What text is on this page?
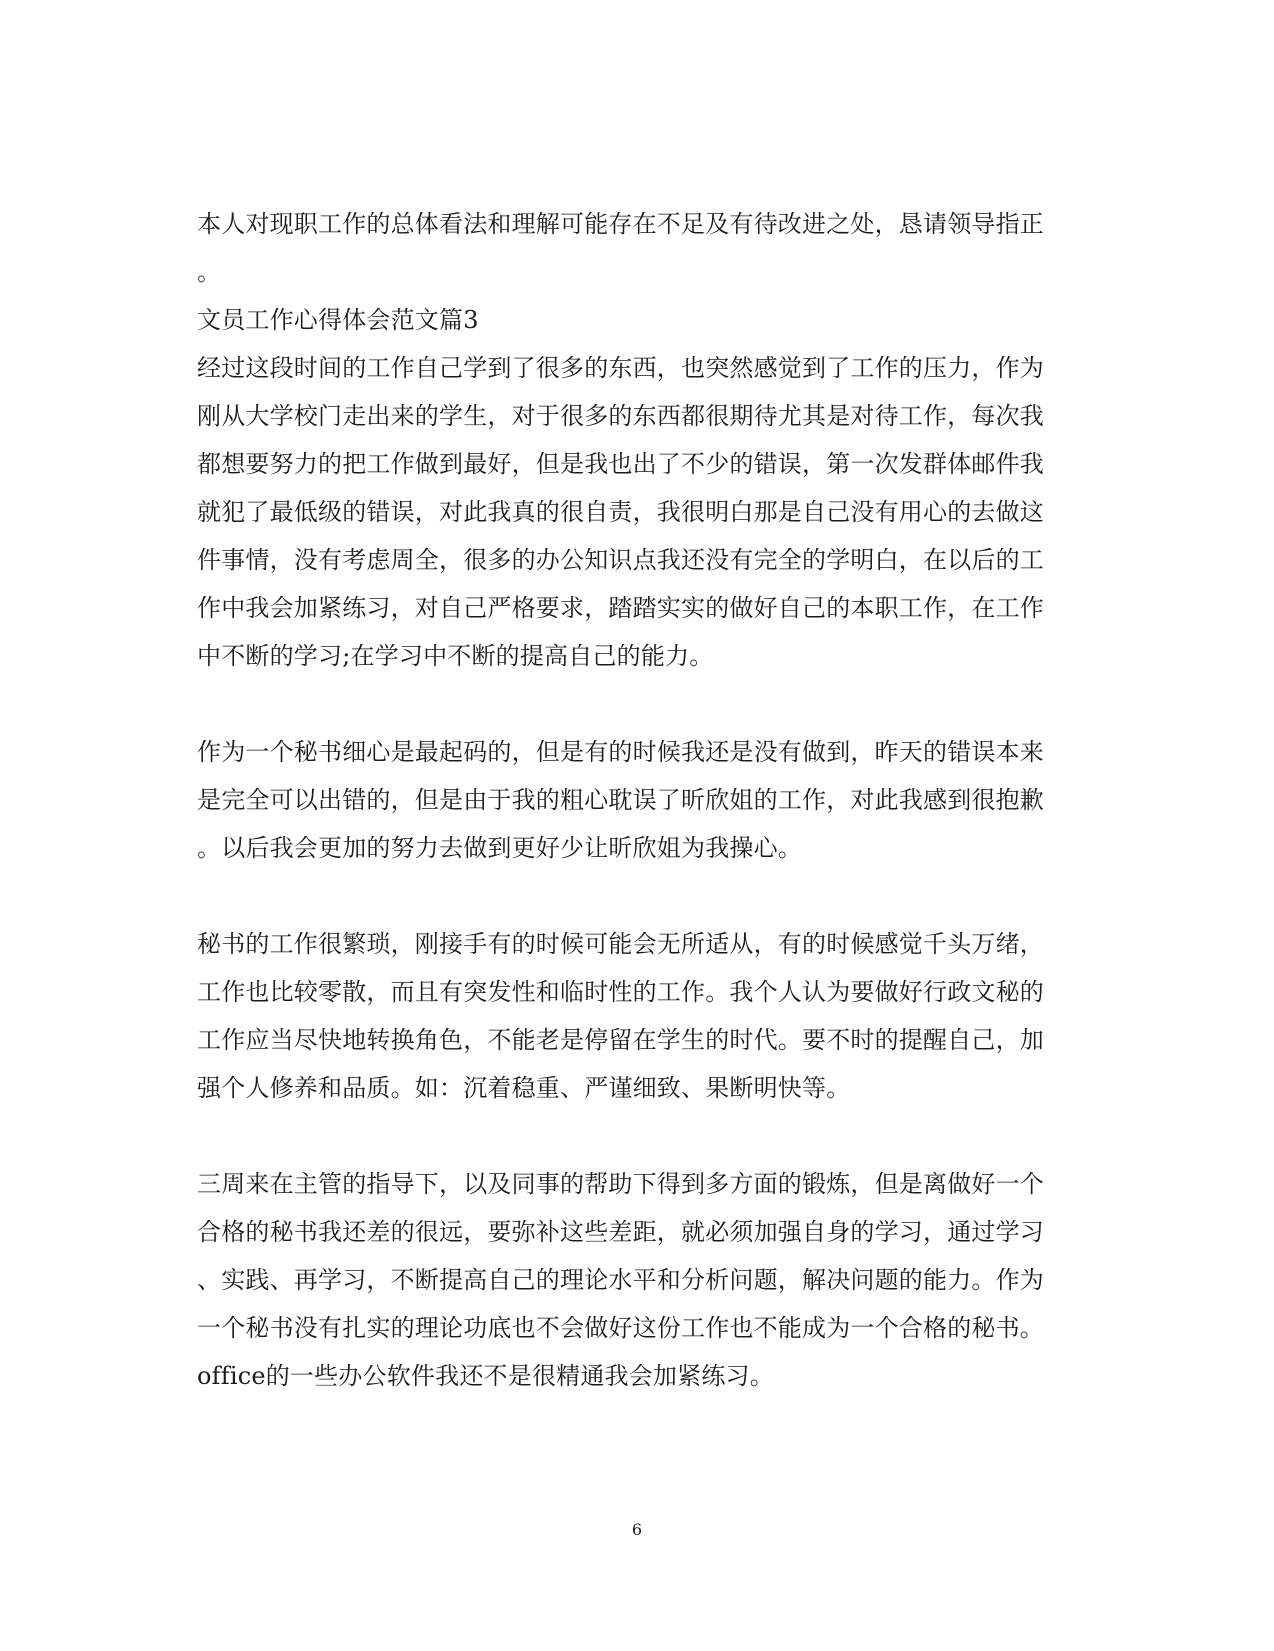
本人对现职工作的总体看法和理解可能存在不足及有待改进之处，恳请领导指正
。
文员工作心得体会范文篇3
经过这段时间的工作自己学到了很多的东西，也突然感觉到了工作的压力，作为
刚从大学校门走出来的学生，对于很多的东西都很期待尤其是对待工作，每次我
都想要努力的把工作做到最好，但是我也出了不少的错误，第一次发群体邮件我
就犯了最低级的错误，对此我真的很自责，我很明白那是自己没有用心的去做这
件事情，没有考虑周全，很多的办公知识点我还没有完全的学明白，在以后的工
作中我会加紧练习，对自己严格要求，踏踏实实的做好自己的本职工作，在工作
中不断的学习;在学习中不断的提高自己的能力。
作为一个秘书细心是最起码的，但是有的时候我还是没有做到，昨天的错误本来
是完全可以出错的，但是由于我的粗心耽误了昕欣姐的工作，对此我感到很抱歉
。以后我会更加的努力去做到更好少让昕欣姐为我操心。
秘书的工作很繁琐，刚接手有的时候可能会无所适从，有的时候感觉千头万绪，
工作也比较零散，而且有突发性和临时性的工作。我个人认为要做好行政文秘的
工作应当尽快地转换角色，不能老是停留在学生的时代。要不时的提醒自己，加
强个人修养和品质。如：沉着稳重、严谨细致、果断明快等。
三周来在主管的指导下，以及同事的帮助下得到多方面的锻炼，但是离做好一个
合格的秘书我还差的很远，要弥补这些差距，就必须加强自身的学习，通过学习
、实践、再学习，不断提高自己的理论水平和分析问题，解决问题的能力。作为
一个秘书没有扎实的理论功底也不会做好这份工作也不能成为一个合格的秘书。
office的一些办公软件我还不是很精通我会加紧练习。
6
